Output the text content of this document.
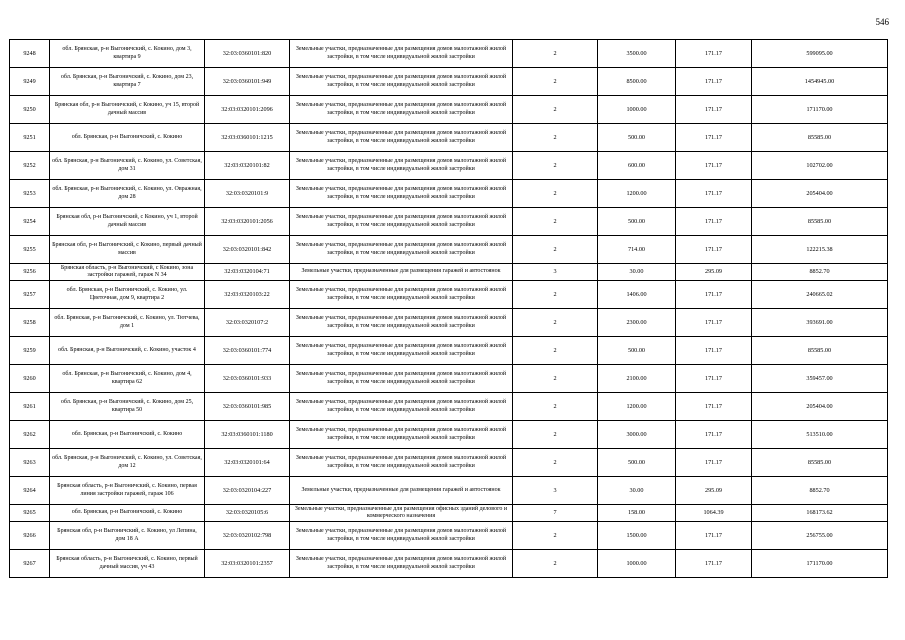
546
9248	обл. Брянская, р-н Выгоничский, с. Кокино, дом 3, квартира 9	32:03:0360101:820	Земельные участки, предназначенные для размещения домов малоэтажной жилой застройки, в том числе индивидуальной жилой застройки	2	3500.00	171.17	599095.00
9249	обл. Брянская, р-н Выгоничский, с. Кокино, дом 23, квартира 7	32:03:0360101:949	Земельные участки, предназначенные для размещения домов малоэтажной жилой застройки, в том числе индивидуальной жилой застройки	2	8500.00	171.17	1454945.00
9250	Брянская обл, р-н Выгоничский, с Кокино, уч 15, второй дачный массив	32:03:0320101:2096	Земельные участки, предназначенные для размещения домов малоэтажной жилой застройки, в том числе индивидуальной жилой застройки	2	1000.00	171.17	171170.00
9251	обл. Брянская, р-н Выгоничский, с. Кокино	32:03:0360101:1215	Земельные участки, предназначенные для размещения домов малоэтажной жилой застройки, в том числе индивидуальной жилой застройки	2	500.00	171.17	85585.00
9252	обл. Брянская, р-н Выгоничский, с. Кокино, ул. Советская, дом 31	32:03:0320101:82	Земельные участки, предназначенные для размещения домов малоэтажной жилой застройки, в том числе индивидуальной жилой застройки	2	600.00	171.17	102702.00
9253	обл. Брянская, р-н Выгоничский, с. Кокино, ул. Овражная, дом 28	32:03:0320101:9	Земельные участки, предназначенные для размещения домов малоэтажной жилой застройки, в том числе индивидуальной жилой застройки	2	1200.00	171.17	205404.00
9254	Брянская обл, р-н Выгоничский, с Кокино, уч 1, второй дачный массив	32:03:0320101:2056	Земельные участки, предназначенные для размещения домов малоэтажной жилой застройки, в том числе индивидуальной жилой застройки	2	500.00	171.17	85585.00
9255	Брянская обл, р-н Выгоничский, с Кокино, первый дачный массив	32:03:0320101:842	Земельные участки, предназначенные для размещения домов малоэтажной жилой застройки, в том числе индивидуальной жилой застройки	2	714.00	171.17	122215.38
9256	Брянская область, р-н Выгоничский, с Кокино, зона застройки гаражей, гараж N 34	32:03:0320104:71	Земельные участки, предназначенные для размещения гаражей и автостоянок	3	30.00	295.09	8852.70
9257	обл. Брянская, р-н Выгоничский, с. Кокино, ул. Цветочная, дом 9, квартира 2	32:03:0320103:22	Земельные участки, предназначенные для размещения домов малоэтажной жилой застройки, в том числе индивидуальной жилой застройки	2	1406.00	171.17	240665.02
9258	обл. Брянская, р-н Выгоничский, с. Кокино, ул. Тютчева, дом 1	32:03:0320107:2	Земельные участки, предназначенные для размещения домов малоэтажной жилой застройки, в том числе индивидуальной жилой застройки	2	2300.00	171.17	393691.00
9259	обл. Брянская, р-н Выгоничский, с. Кокино, участок 4	32:03:0360101:774	Земельные участки, предназначенные для размещения домов малоэтажной жилой застройки, в том числе индивидуальной жилой застройки	2	500.00	171.17	85585.00
9260	обл. Брянская, р-н Выгоничский, с. Кокино, дом 4, квартира 62	32:03:0360101:933	Земельные участки, предназначенные для размещения домов малоэтажной жилой застройки, в том числе индивидуальной жилой застройки	2	2100.00	171.17	359457.00
9261	обл. Брянская, р-н Выгоничский, с. Кокино, дом 25, квартира 50	32:03:0360101:985	Земельные участки, предназначенные для размещения домов малоэтажной жилой застройки, в том числе индивидуальной жилой застройки	2	1200.00	171.17	205404.00
9262	обл. Брянская, р-н Выгоничский, с. Кокино	32:03:0360101:1180	Земельные участки, предназначенные для размещения домов малоэтажной жилой застройки, в том числе индивидуальной жилой застройки	2	3000.00	171.17	513510.00
9263	обл. Брянская, р-н Выгоничский, с. Кокино, ул. Советская, дом 12	32:03:0320101:64	Земельные участки, предназначенные для размещения домов малоэтажной жилой застройки, в том числе индивидуальной жилой застройки	2	500.00	171.17	85585.00
9264	Брянская область, р-н Выгоничский, с. Кокино, первая линия застройки гаражей, гараж 106	32:03:0320104:227	Земельные участки, предназначенные для размещения гаражей и автостоянок	3	30.00	295.09	8852.70
9265	обл. Брянская, р-н Выгоничский, с. Кокино	32:03:0320105:6	Земельные участки, предназначенные для размещения офисных зданий делового и коммерческого назначения	7	158.00	1064.39	168173.62
9266	Брянская обл, р-н Выгоничский, с. Кокино, ул Лепина, дом 18 А	32:03:0320102:798	Земельные участки, предназначенные для размещения домов малоэтажной жилой застройки, в том числе индивидуальной жилой застройки	2	1500.00	171.17	256755.00
9267	Брянская область, р-н Выгоничский, с. Кокино, первый дачный массив, уч 43	32:03:0320101:2357	Земельные участки, предназначенные для размещения домов малоэтажной жилой застройки, в том числе индивидуальной жилой застройки	2	1000.00	171.17	171170.00
